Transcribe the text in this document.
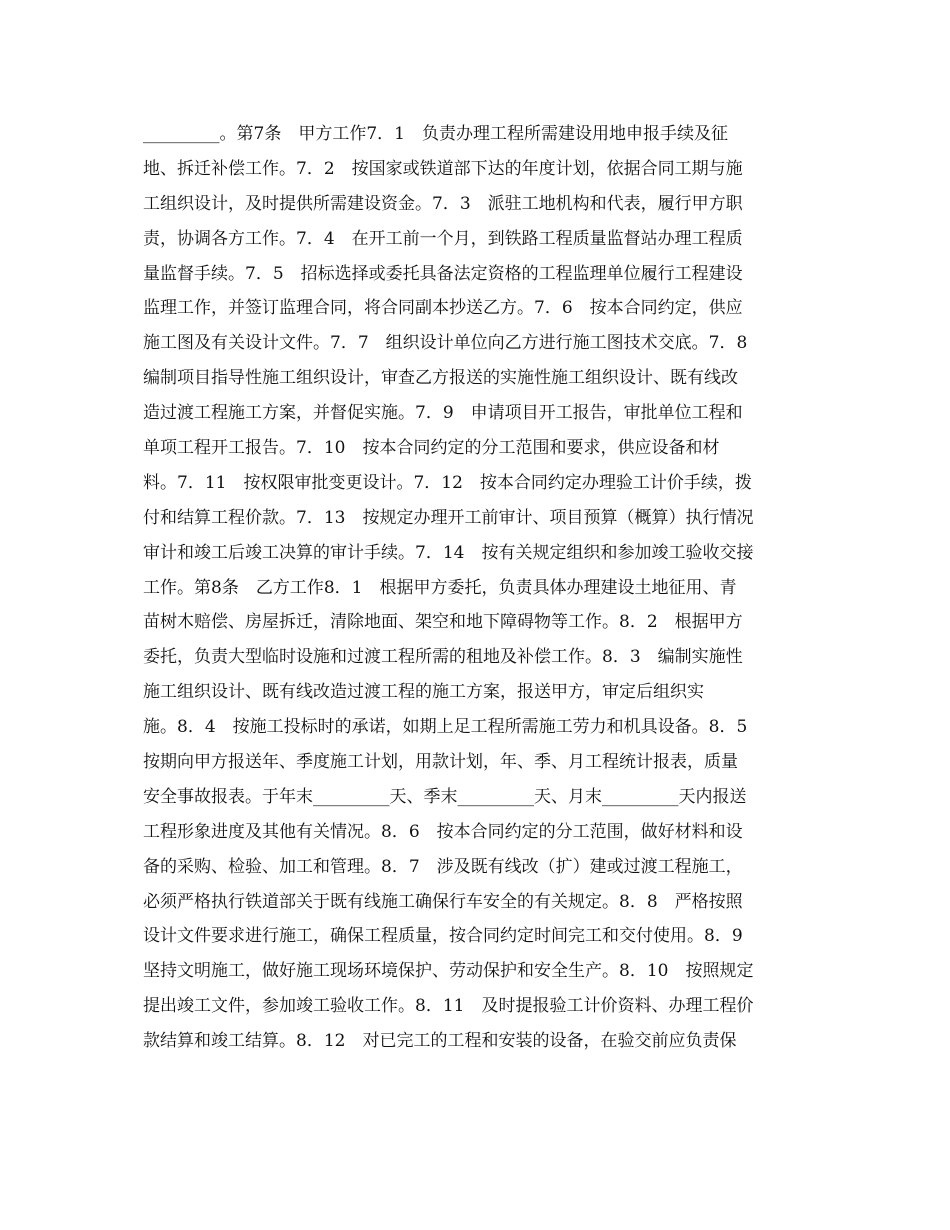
_________。第7条　甲方工作7．1　负责办理工程所需建设用地申报手续及征
地、拆迁补偿工作。7．2　按国家或铁道部下达的年度计划，依据合同工期与施
工组织设计，及时提供所需建设资金。7．3　派驻工地机构和代表，履行甲方职
责，协调各方工作。7．4　在开工前一个月，到铁路工程质量监督站办理工程质
量监督手续。7．5　招标选择或委托具备法定资格的工程监理单位履行工程建设
监理工作，并签订监理合同，将合同副本抄送乙方。7．6　按本合同约定，供应
施工图及有关设计文件。7．7　组织设计单位向乙方进行施工图技术交底。7．8
编制项目指导性施工组织设计，审查乙方报送的实施性施工组织设计、既有线改
造过渡工程施工方案，并督促实施。7．9　申请项目开工报告，审批单位工程和
单项工程开工报告。7．10　按本合同约定的分工范围和要求，供应设备和材
料。7．11　按权限审批变更设计。7．12　按本合同约定办理验工计价手续，拨
付和结算工程价款。7．13　按规定办理开工前审计、项目预算（概算）执行情况
审计和竣工后竣工决算的审计手续。7．14　按有关规定组织和参加竣工验收交接
工作。第8条　乙方工作8．1　根据甲方委托，负责具体办理建设土地征用、青
苗树木赔偿、房屋拆迁，清除地面、架空和地下障碍物等工作。8．2　根据甲方
委托，负责大型临时设施和过渡工程所需的租地及补偿工作。8．3　编制实施性
施工组织设计、既有线改造过渡工程的施工方案，报送甲方，审定后组织实
施。8．4　按施工投标时的承诺，如期上足工程所需施工劳力和机具设备。8．5
按期向甲方报送年、季度施工计划，用款计划，年、季、月工程统计报表，质量
安全事故报表。于年末_________天、季末_________天、月末_________天内报送
工程形象进度及其他有关情况。8．6　按本合同约定的分工范围，做好材料和设
备的采购、检验、加工和管理。8．7　涉及既有线改（扩）建或过渡工程施工，
必须严格执行铁道部关于既有线施工确保行车安全的有关规定。8．8　严格按照
设计文件要求进行施工，确保工程质量，按合同约定时间完工和交付使用。8．9
坚持文明施工，做好施工现场环境保护、劳动保护和安全生产。8．10　按照规定
提出竣工文件，参加竣工验收工作。8．11　及时提报验工计价资料、办理工程价
款结算和竣工结算。8．12　对已完工的工程和安装的设备，在验交前应负责保
